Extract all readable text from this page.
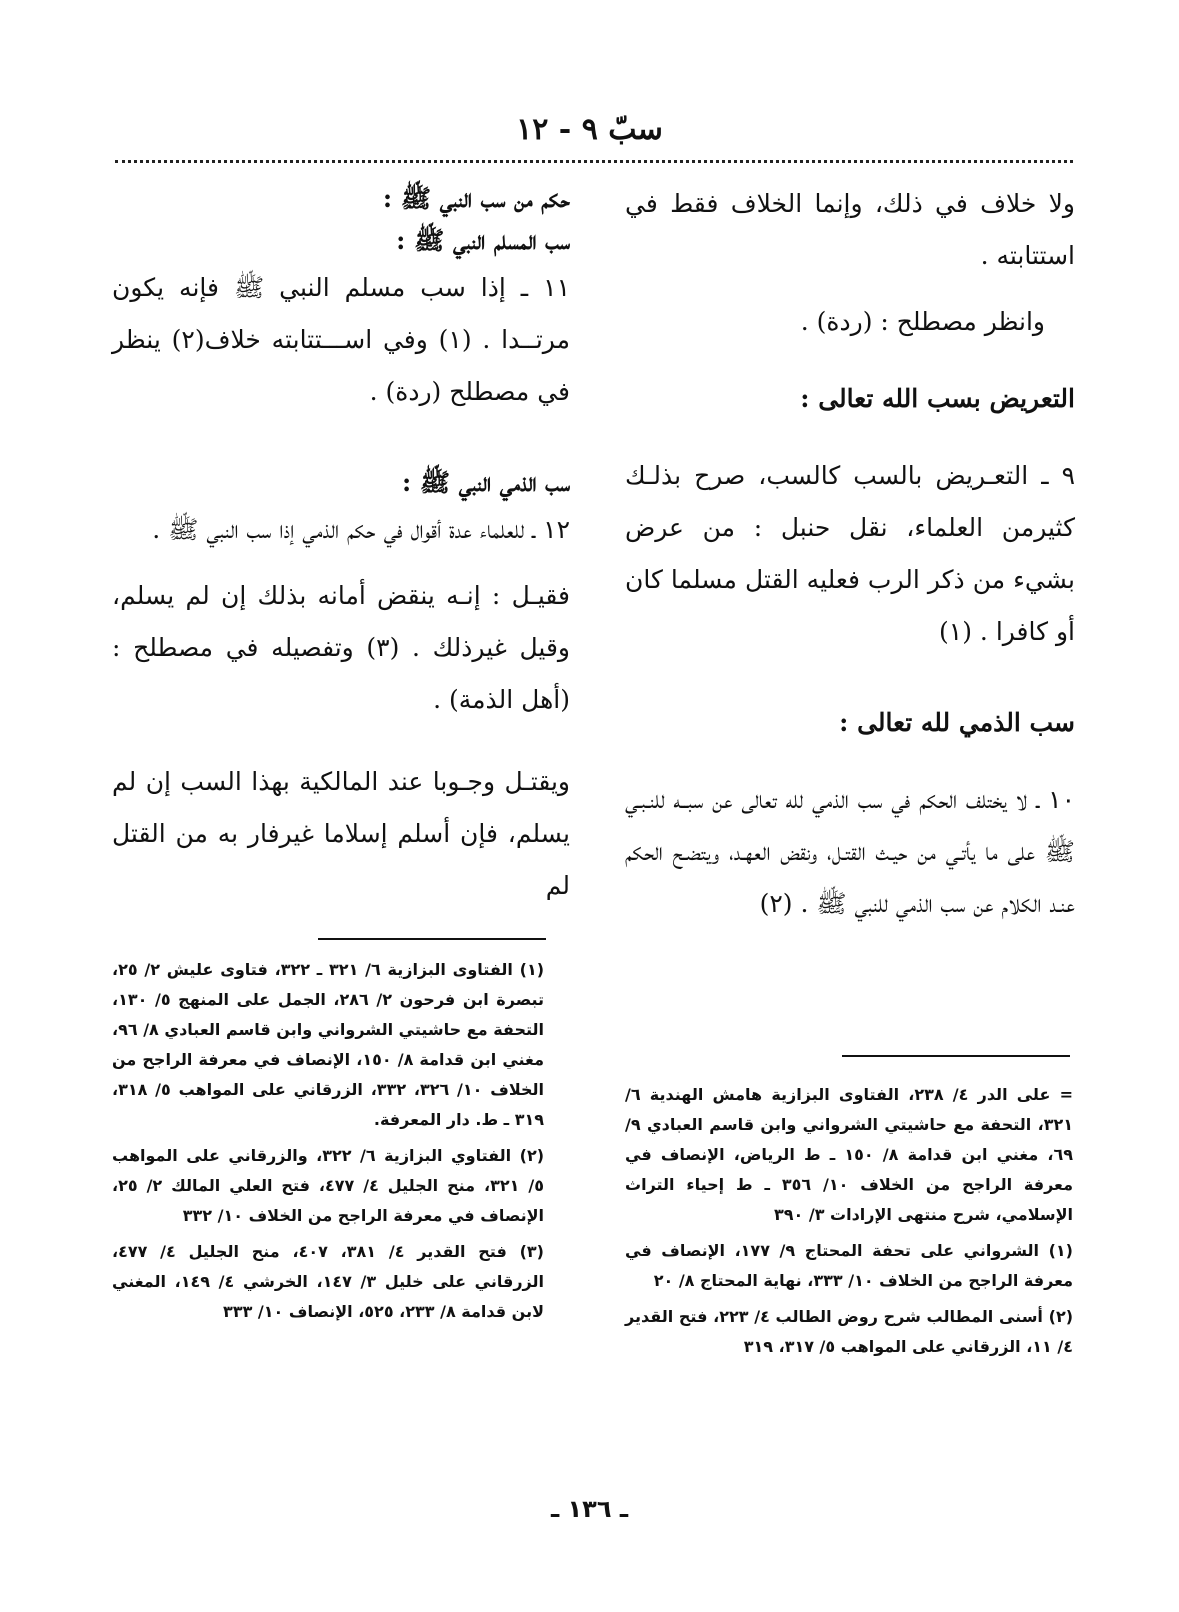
سبّ ٩ - ١٢

ولا خلاف في ذلك، وإنما الخلاف فقط في استتابته .

وانظر مصطلح : (ردة) .

التعريض بسب الله تعالى :

٩ ـ التعـريض بالسب كالسب، صرح بذلـك كثيرمن العلماء، نقل حنبل : من عرض بشيء من ذكر الرب فعليه القتل مسلما كان أو كافرا . (١)

سب الذمي لله تعالى :

١٠ ـ لا يختلف الحكم في سب الذمي لله تعالى عن سبــه للنـبـي ﷺ على ما يأتـي من حيـث القتـل، ونقض العهـد، ويتضـح الحكم عنـد الكلام عن سب الذمي للنبي ﷺ . (٢)

حكم من سب النبي ﷺ :
سب المسلم النبي ﷺ :

١١ ـ إذا سب مسلم النبي ﷺ فإنه يكون مرتــدا . (١) وفي اســـتتابته خلاف(٢) ينظر في مصطلح (ردة) .

سب الذمي النبي ﷺ :

١٢ ـ للعلماء عدة أقوال في حكم الذمي إذا سب النبي ﷺ .

فقيـل : إنـه ينقض أمانه بذلك إن لم يسلم، وقيل غيرذلك . (٣) وتفصيله في مصطلح : (أهل الذمة) .

ويقتـل وجـوبا عند المالكية بهذا السب إن لم يسلم، فإن أسلم إسلاما غيرفار به من القتل لم

(١) الفتاوى البزازية ٦/ ٣٢١ ـ ٣٢٢، فتاوى عليش ٢/ ٢٥، تبصرة ابن فرحون ٢/ ٢٨٦، الجمل على المنهج ٥/ ١٣٠، التحفة مع حاشيتي الشرواني وابن قاسم العبادي ٨/ ٩٦، مغني ابن قدامة ٨/ ١٥٠، الإنصاف في معرفة الراجح من الخلاف ١٠/ ٣٢٦، ٣٣٢، الزرقاني على المواهب ٥/ ٣١٨، ٣١٩ ـ ط. دار المعرفة.

(٢) الفتاوي البزازية ٦/ ٣٢٢، والزرقاني على المواهب ٥/ ٣٢١، منح الجليل ٤/ ٤٧٧، فتح العلي المالك ٢/ ٢٥، الإنصاف في معرفة الراجح من الخلاف ١٠/ ٣٣٢

(٣) فتح القدير ٤/ ٣٨١، ٤٠٧، منح الجليل ٤/ ٤٧٧، الزرقاني على خليل ٣/ ١٤٧، الخرشي ٤/ ١٤٩، المغني لابن قدامة ٨/ ٢٣٣، ٥٢٥، الإنصاف ١٠/ ٣٣٣

= على الدر ٤/ ٢٣٨، الفتاوى البزازية هامش الهندية ٦/ ٣٢١، التحفة مع حاشيتي الشرواني وابن قاسم العبادي ٩/ ٦٩، مغني ابن قدامة ٨/ ١٥٠ ـ ط الرياض، الإنصاف في معرفة الراجح من الخلاف ١٠/ ٣٥٦ ـ ط إحياء التراث الإسلامي، شرح منتهى الإرادات ٣/ ٣٩٠

(١) الشرواني على تحفة المحتاج ٩/ ١٧٧، الإنصاف في معرفة الراجح من الخلاف ١٠/ ٣٣٣، نهاية المحتاج ٨/ ٢٠

(٢) أسنى المطالب شرح روض الطالب ٤/ ٢٢٣، فتح القدير ٤/ ١١، الزرقاني على المواهب ٥/ ٣١٧، ٣١٩

ـ ١٣٦ ـ
